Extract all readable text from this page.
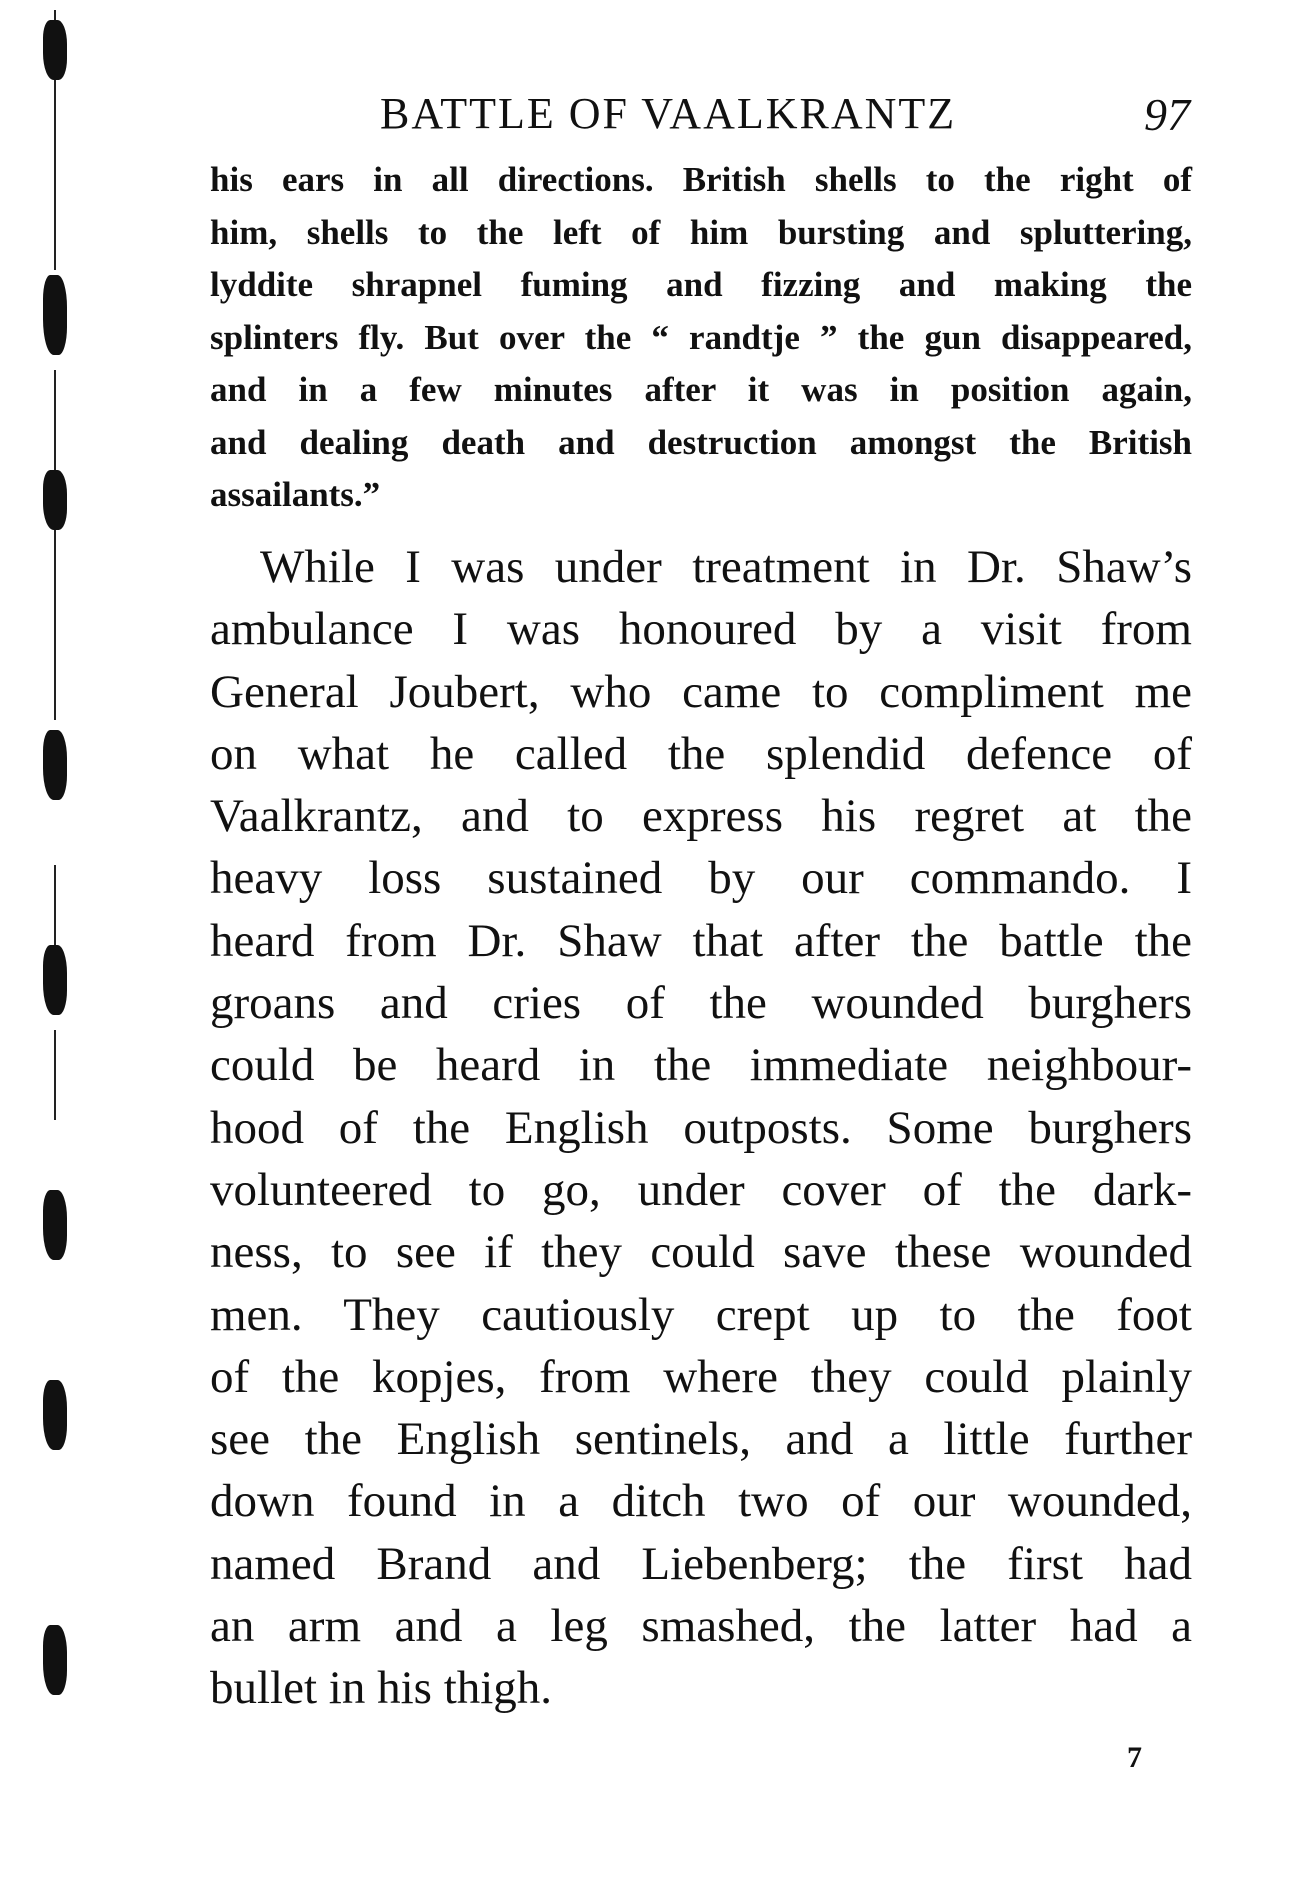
BATTLE OF VAALKRANTZ	97
his ears in all directions. British shells to the right of
him, shells to the left of him bursting and spluttering,
lyddite shrapnel fuming and fizzing and making the
splinters fly. But over the “ randtje ” the gun disappeared,
and in a few minutes after it was in position again,
and dealing death and destruction amongst the British
assailants.”
While I was under treatment in Dr. Shaw’s
ambulance I was honoured by a visit from
General Joubert, who came to compliment me
on what he called the splendid defence of
Vaalkrantz, and to express his regret at the
heavy loss sustained by our commando. I
heard from Dr. Shaw that after the battle the
groans and cries of the wounded burghers
could be heard in the immediate neighbour-
hood of the English outposts. Some burghers
volunteered to go, under cover of the dark-
ness, to see if they could save these wounded
men. They cautiously crept up to the foot
of the kopjes, from where they could plainly
see the English sentinels, and a little further
down found in a ditch two of our wounded,
named Brand and Liebenberg; the first had
an arm and a leg smashed, the latter had a
bullet in his thigh.
7
